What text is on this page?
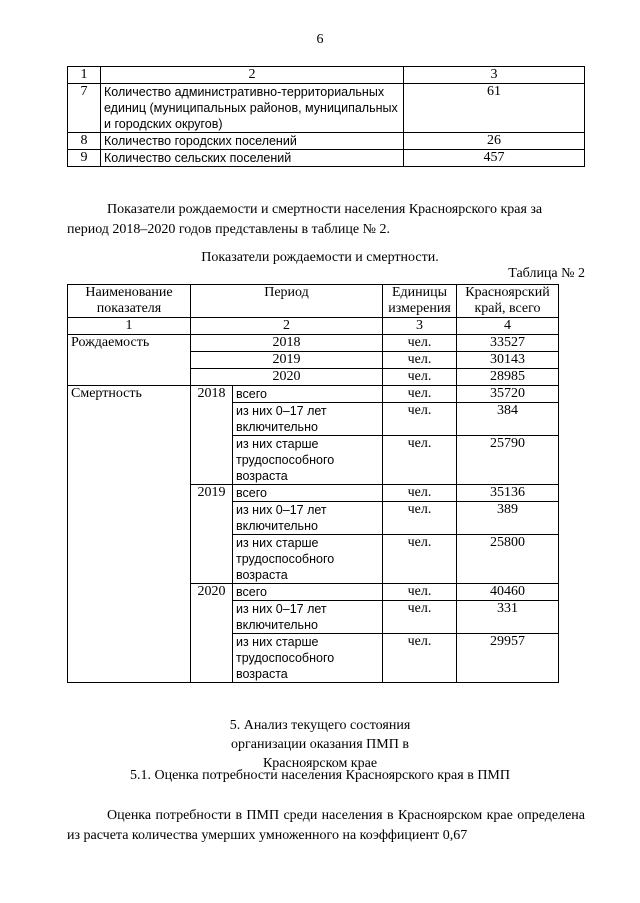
6
1	2	3
7	Количество административно-территориальных единиц (муниципальных районов, муниципальных и городских округов)	61
8	Количество городских поселений	26
9	Количество сельских поселений	457

Показатели рождаемости и смертности населения Красноярского края за период 2018–2020 годов представлены в таблице № 2.

Показатели рождаемости и смертности.

Таблица № 2
Наименование показателя	Период		Единицы измерения	Красноярский край, всего
1	2		3	4
Рождаемость	2018		чел.	33527
	2019		чел.	30143
	2020		чел.	28985
Смертность	2018	всего	чел.	35720
		из них 0–17 лет включительно	чел.	384
		из них старше трудоспособного возраста	чел.	25790
	2019	всего	чел.	35136
		из них 0–17 лет включительно	чел.	389
		из них старше трудоспособного возраста	чел.	25800
	2020	всего	чел.	40460
		из них 0–17 лет включительно	чел.	331
		из них старше трудоспособного возраста	чел.	29957

5. Анализ текущего состояния организации оказания ПМП в Красноярском крае

5.1. Оценка потребности населения Красноярского края в ПМП

Оценка потребности в ПМП среди населения в Красноярском крае определена из расчета количества умерших умноженного на коэффициент 0,67
